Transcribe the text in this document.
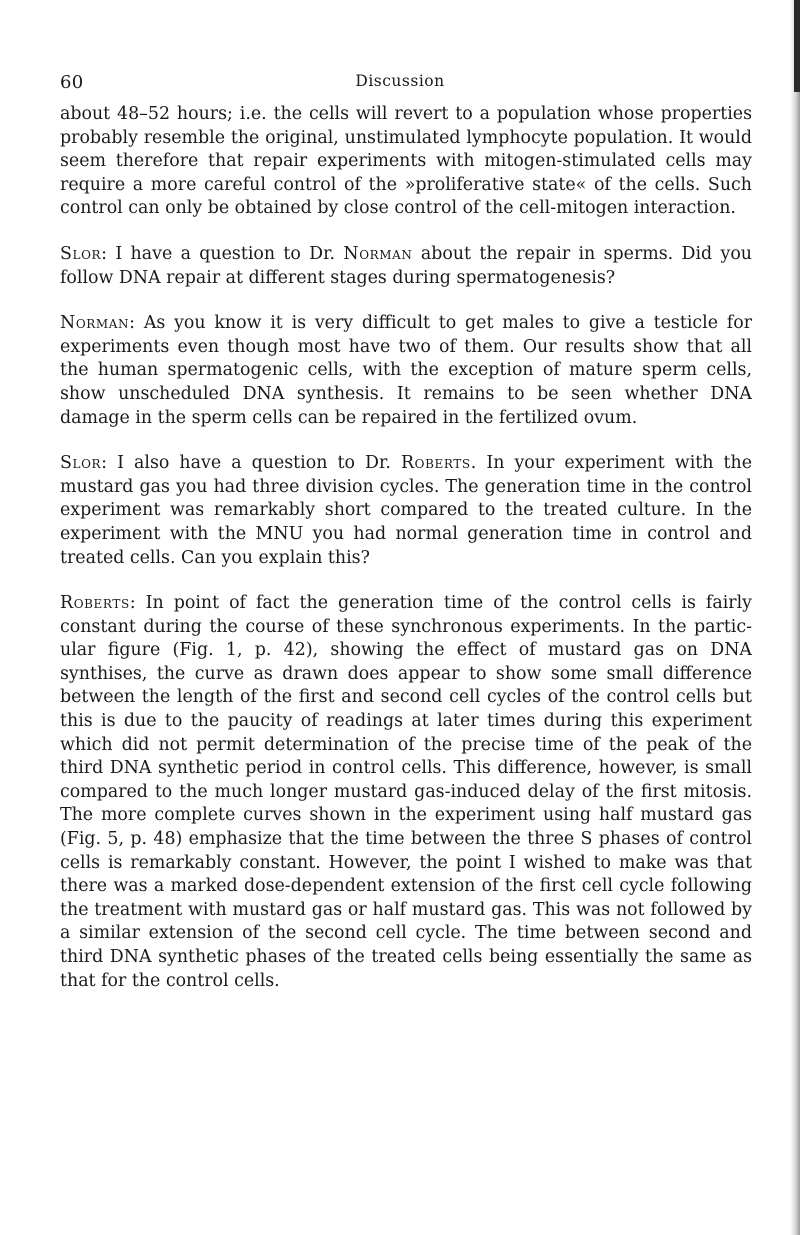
60	Discussion

about 48–52 hours; i.e. the cells will revert to a population whose properties probably resemble the original, unstimulated lymphocyte population. It would seem therefore that repair experiments with mitogen-stimulated cells may require a more careful control of the »proliferative state« of the cells. Such control can only be obtained by close control of the cell-mitogen interaction.

Slor: I have a question to Dr. Norman about the repair in sperms. Did you follow DNA repair at different stages during spermatogenesis?

Norman: As you know it is very difficult to get males to give a testicle for experiments even though most have two of them. Our results show that all the human spermatogenic cells, with the exception of mature sperm cells, show unscheduled DNA synthesis. It remains to be seen whether DNA damage in the sperm cells can be repaired in the fertilized ovum.

Slor: I also have a question to Dr. Roberts. In your experiment with the mustard gas you had three division cycles. The generation time in the control experiment was remarkably short compared to the treated culture. In the experiment with the MNU you had normal generation time in control and treated cells. Can you explain this?

Roberts: In point of fact the generation time of the control cells is fairly constant during the course of these synchronous experiments. In the particular figure (Fig. 1, p. 42), showing the effect of mustard gas on DNA synthises, the curve as drawn does appear to show some small difference between the length of the first and second cell cycles of the control cells but this is due to the paucity of readings at later times during this experiment which did not permit determination of the precise time of the peak of the third DNA synthetic period in control cells. This difference, however, is small compared to the much longer mustard gas-induced delay of the first mitosis. The more complete curves shown in the experiment using half mustard gas (Fig. 5, p. 48) emphasize that the time between the three S phases of control cells is remarkably constant. However, the point I wished to make was that there was a marked dose-dependent extension of the first cell cycle following the treatment with mustard gas or half mustard gas. This was not followed by a similar extension of the second cell cycle. The time between second and third DNA synthetic phases of the treated cells being essentially the same as that for the control cells.
